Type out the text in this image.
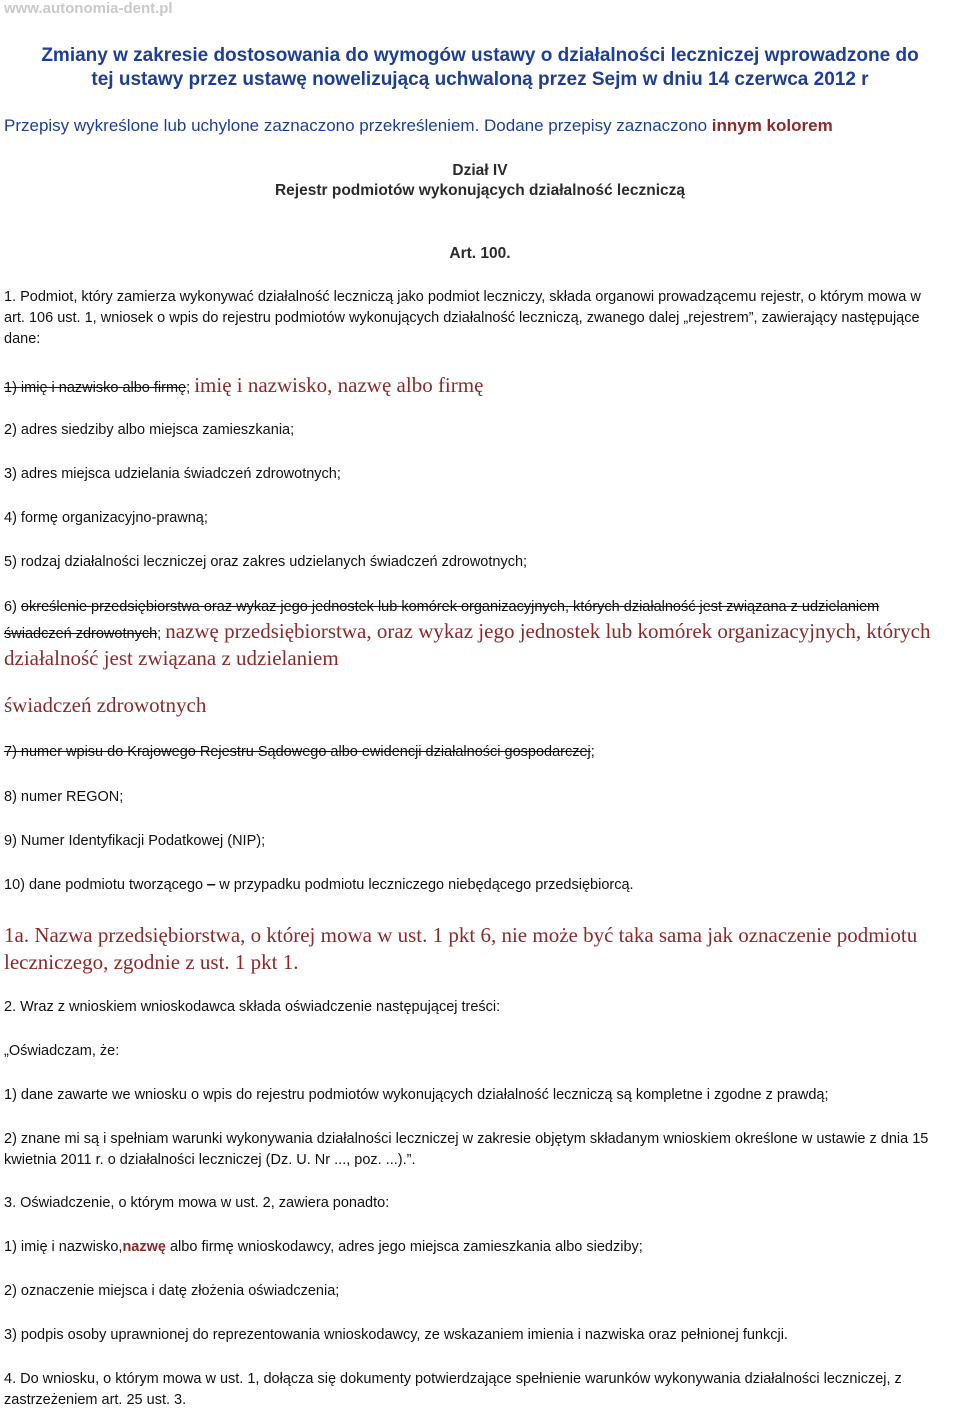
www.autonomia-dent.pl
Zmiany w zakresie dostosowania do wymogów ustawy o działalności leczniczej wprowadzone do
tej ustawy przez ustawę nowelizującą uchwaloną przez Sejm w dniu 14 czerwca 2012 r
Przepisy wykreślone lub uchylone zaznaczono przekreśleniem. Dodane przepisy zaznaczono innym kolorem
Dział IV
Rejestr podmiotów wykonujących działalność leczniczą
Art. 100.
1. Podmiot, który zamierza wykonywać działalność leczniczą jako podmiot leczniczy, składa organowi prowadzącemu rejestr, o którym mowa w art. 106 ust. 1, wniosek o wpis do rejestru podmiotów wykonujących działalność leczniczą, zwanego dalej „rejestrem”, zawierający następujące dane:
1) imię i nazwisko albo firmę; imię i nazwisko, nazwę albo firmę
2) adres siedziby albo miejsca zamieszkania;
3) adres miejsca udzielania świadczeń zdrowotnych;
4) formę organizacyjno-prawną;
5) rodzaj działalności leczniczej oraz zakres udzielanych świadczeń zdrowotnych;
6) określenie przedsiębiorstwa oraz wykaz jego jednostek lub komórek organizacyjnych, których działalność jest związana z udzielaniem świadczeń zdrowotnych; nazwę przedsiębiorstwa, oraz wykaz jego jednostek lub komórek organizacyjnych, których działalność jest związana z udzielaniem
świadczeń zdrowotnych
7) numer wpisu do Krajowego Rejestru Sądowego albo ewidencji działalności gospodarczej;
8) numer REGON;
9) Numer Identyfikacji Podatkowej (NIP);
10) dane podmiotu tworzącego – w przypadku podmiotu leczniczego niebędącego przedsiębiorcą.
1a. Nazwa przedsiębiorstwa, o której mowa w ust. 1 pkt 6, nie może być taka sama jak oznaczenie podmiotu leczniczego, zgodnie z ust. 1 pkt 1.
2. Wraz z wnioskiem wnioskodawca składa oświadczenie następującej treści:
„Oświadczam, że:
1) dane zawarte we wniosku o wpis do rejestru podmiotów wykonujących działalność leczniczą są kompletne i zgodne z prawdą;
2) znane mi są i spełniam warunki wykonywania działalności leczniczej w zakresie objętym składanym wnioskiem określone w ustawie z dnia 15 kwietnia 2011 r. o działalności leczniczej (Dz. U. Nr ..., poz. ...).”.
3. Oświadczenie, o którym mowa w ust. 2, zawiera ponadto:
1) imię i nazwisko,nazwę albo firmę wnioskodawcy, adres jego miejsca zamieszkania albo siedziby;
2) oznaczenie miejsca i datę złożenia oświadczenia;
3) podpis osoby uprawnionej do reprezentowania wnioskodawcy, ze wskazaniem imienia i nazwiska oraz pełnionej funkcji.
4. Do wniosku, o którym mowa w ust. 1, dołącza się dokumenty potwierdzające spełnienie warunków wykonywania działalności leczniczej, z zastrzeżeniem art. 25 ust. 3.
